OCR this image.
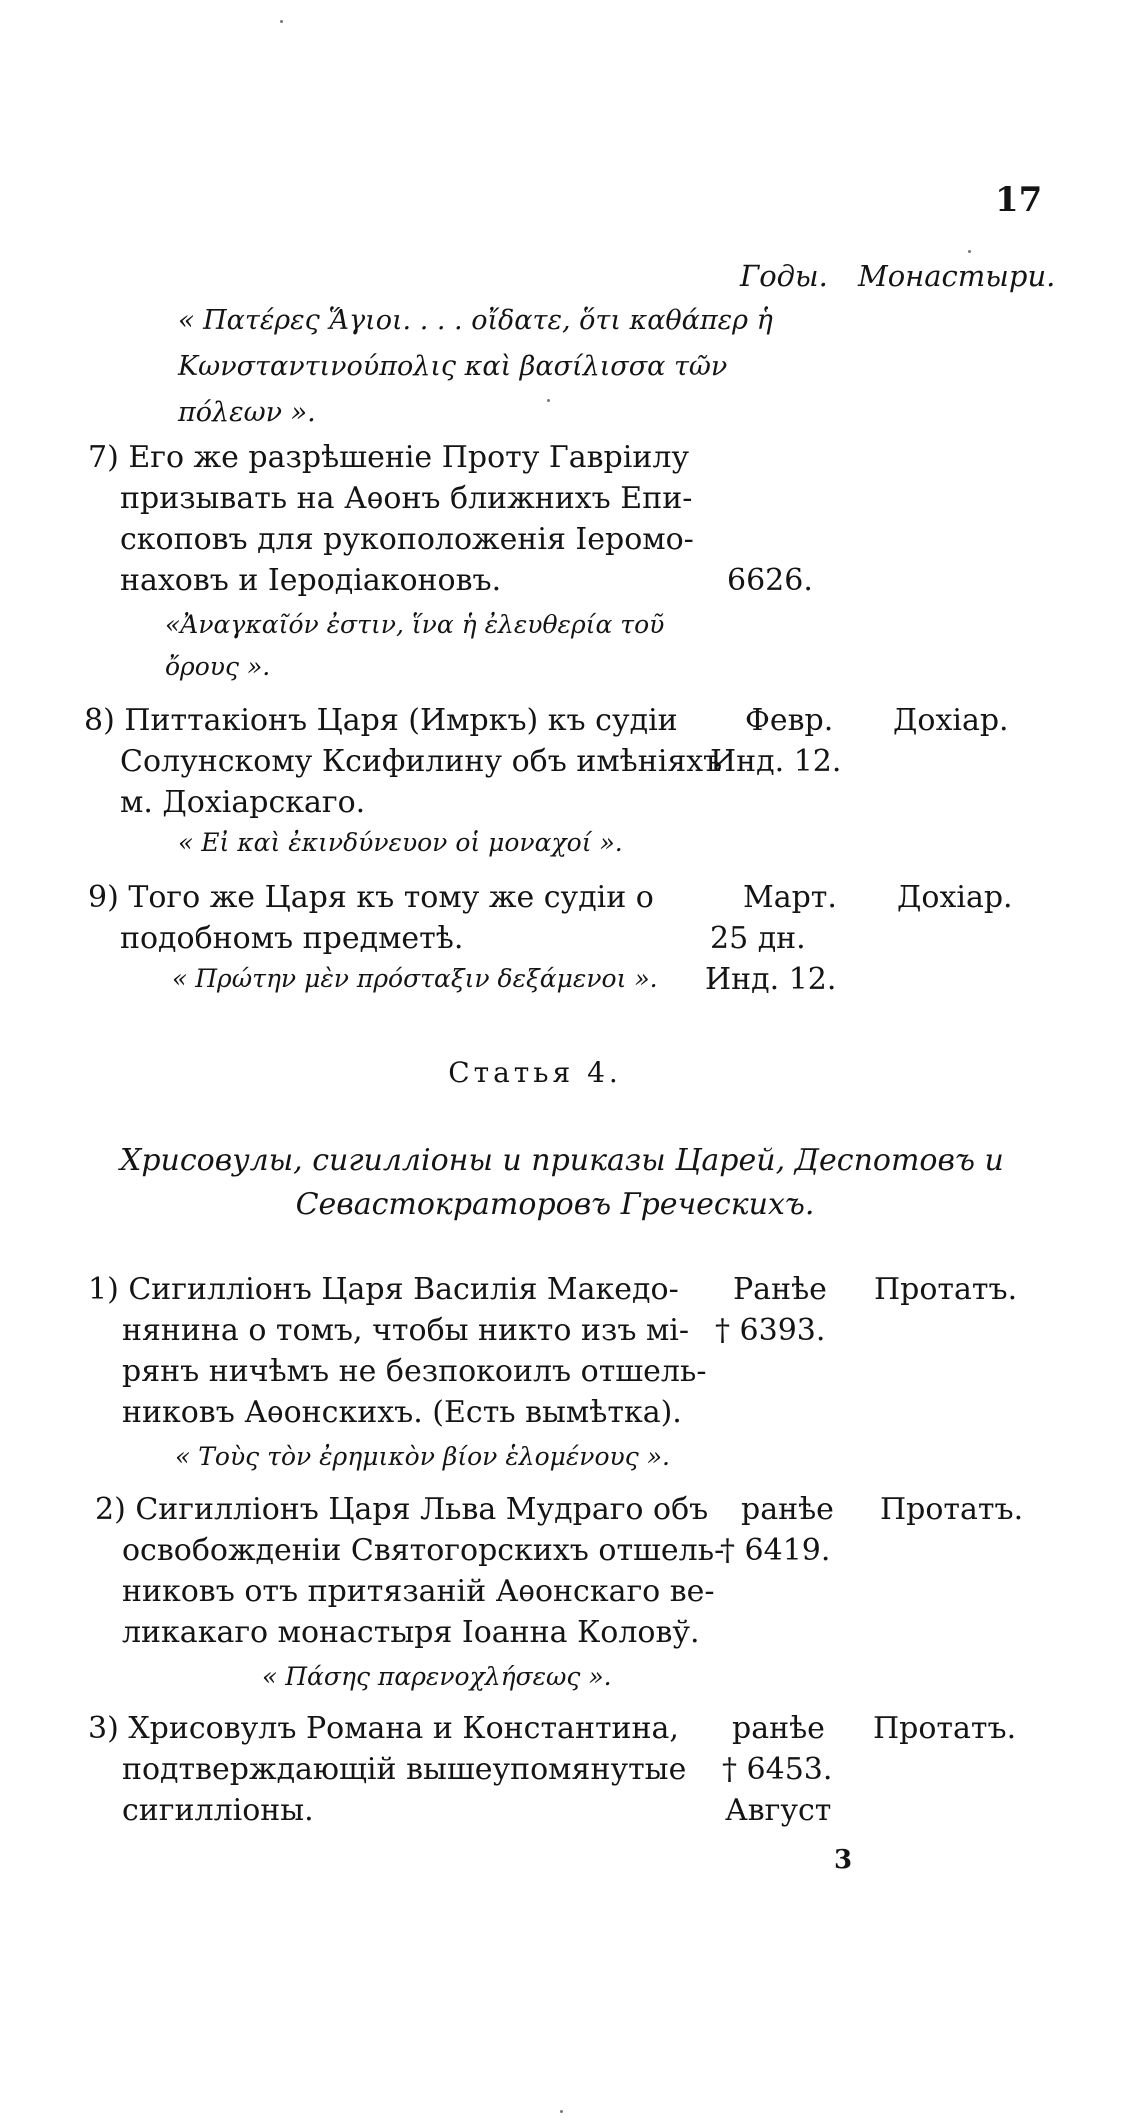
17
Годы. Монастыри.
« Πατέρες Ἅγιοι. . . . οἴδατε, ὅτι καθάπερ ἡ
Κωνσταντινούπολις καὶ βασίλισσα τῶν
πόλεων ».
7) Его же разрѣшеніе Проту Гавріилу
призывать на Аѳонъ ближнихъ Епи-
скоповъ для рукоположенія Іеромо-
наховъ и Іеродіаконовъ.	6626.
«Ἀναγκαῖόν ἐστιν, ἵνα ἡ ἐλευθερία τοῦ
ὄρους ».
8) Питтакіонъ Царя (Имркъ) къ судіи
Солунскому Ксифилину объ имѣніяхъ
м. Дохіарскаго.
Февр.
Инд. 12.
Дохіар.
« Εἰ καὶ ἐκινδύνευον οἱ μοναχοί ».
9) Того же Царя къ тому же судіи о
подобномъ предметѣ.
Март.
25 дн.
Инд. 12.
Дохіар.
« Πρώτην μὲν πρόσταξιν δεξάμενοι ».
Статья 4.
Хрисовулы, сигилліоны и приказы Царей, Деспотовъ и
Севастократоровъ Греческихъ.
1) Сигилліонъ Царя Василія Македо-
нянина о томъ, чтобы никто изъ мі-
рянъ ничѣмъ не безпокоилъ отшель-
никовъ Аѳонскихъ. (Есть вымѣтка).
Ранѣе
† 6393.
Протатъ.
« Τοὺς τὸν ἐρημικὸν βίον ἑλομένους ».
2) Сигилліонъ Царя Льва Мудраго объ
освобожденіи Святогорскихъ отшель-
никовъ отъ притязаній Аѳонскаго ве-
ликакаго монастыря Іоанна Коловў.
ранѣе
† 6419.
Протатъ.
« Πάσης παρενοχλήσεως ».
3) Хрисовулъ Романа и Константина,
подтверждающій вышеупомянутые
сигилліоны.
ранѣе
† 6453.
Август
Протатъ.
3
